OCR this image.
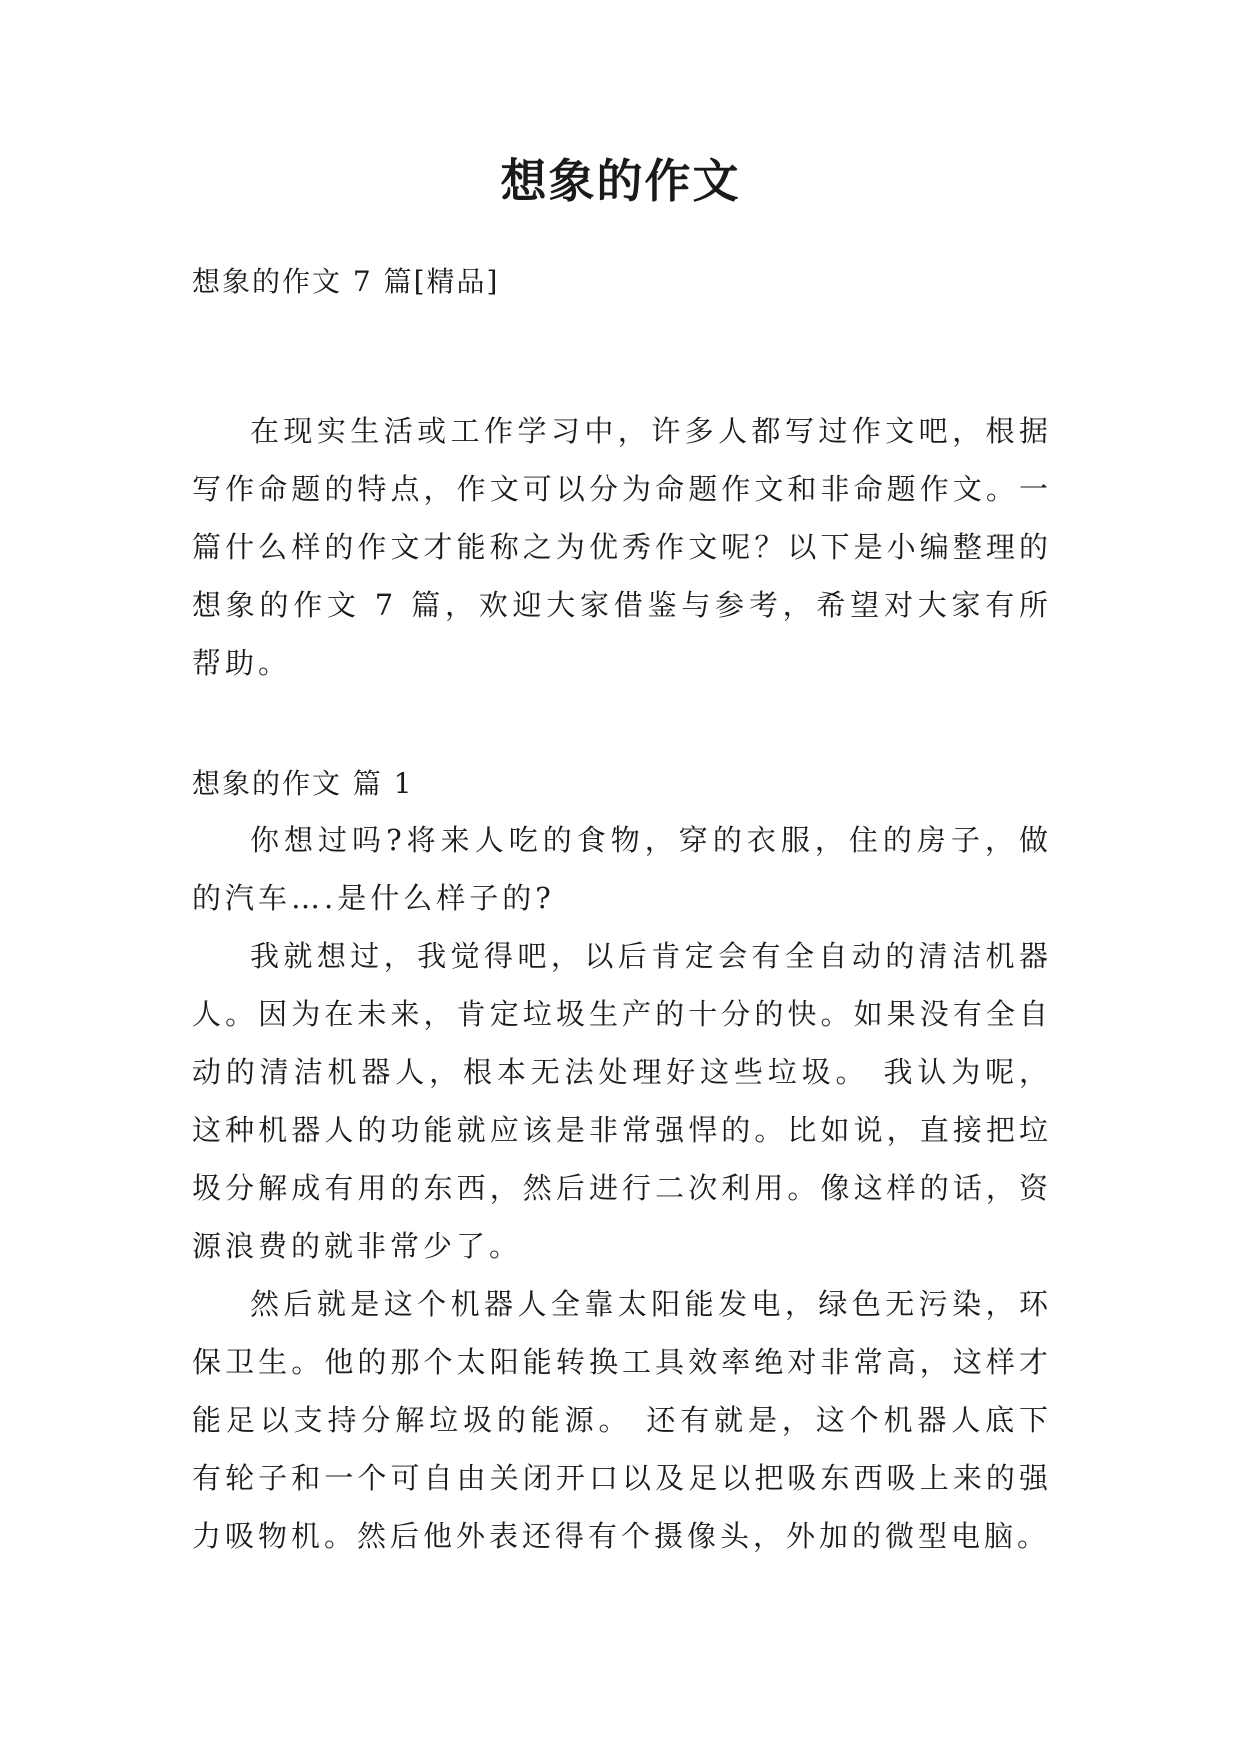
想象的作文
想象的作文 7 篇[精品]

在现实生活或工作学习中，许多人都写过作文吧，根据写作命题的特点，作文可以分为命题作文和非命题作文。一篇什么样的作文才能称之为优秀作文呢？以下是小编整理的想象的作文 7 篇，欢迎大家借鉴与参考，希望对大家有所帮助。

想象的作文 篇 1

你想过吗?将来人吃的食物，穿的衣服，住的房子，做的汽车….是什么样子的?

我就想过，我觉得吧，以后肯定会有全自动的清洁机器人。因为在未来，肯定垃圾生产的十分的快。如果没有全自动的清洁机器人，根本无法处理好这些垃圾。 我认为呢，这种机器人的功能就应该是非常强悍的。比如说，直接把垃圾分解成有用的东西，然后进行二次利用。像这样的话，资源浪费的就非常少了。

然后就是这个机器人全靠太阳能发电，绿色无污染，环保卫生。他的那个太阳能转换工具效率绝对非常高，这样才能足以支持分解垃圾的能源。 还有就是，这个机器人底下有轮子和一个可自由关闭开口以及足以把吸东西吸上来的强力吸物机。然后他外表还得有个摄像头，外加的微型电脑。
